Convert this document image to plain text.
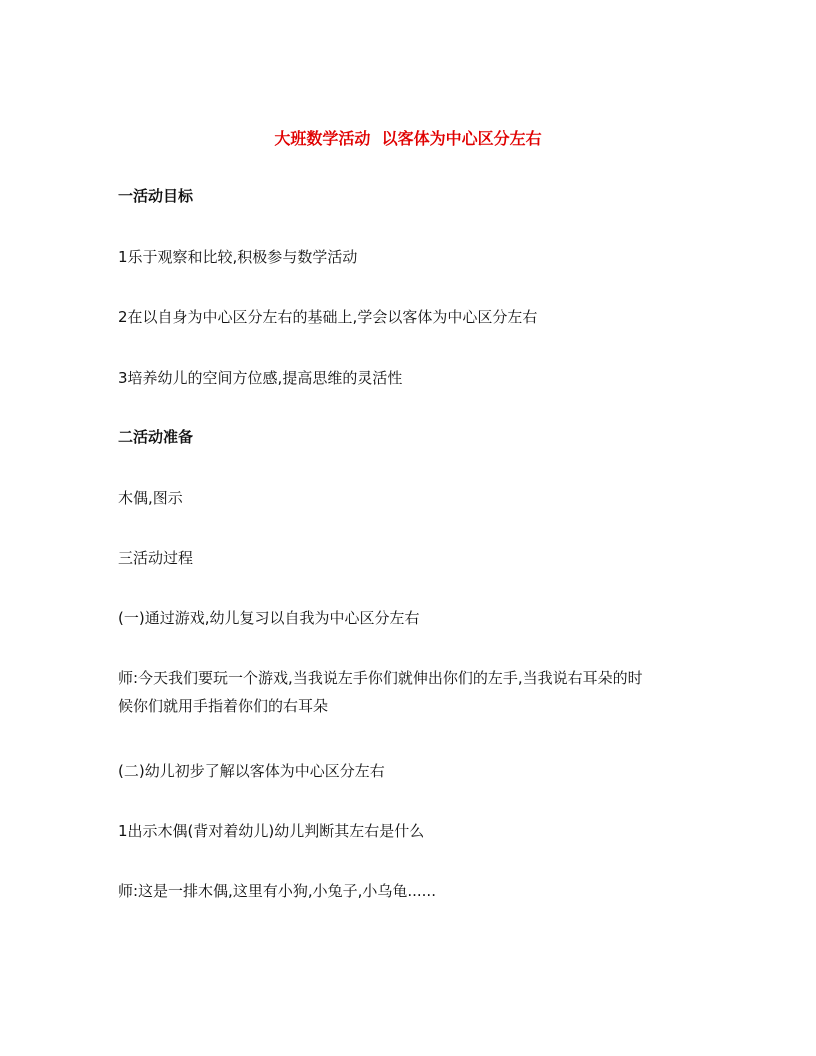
大班数学活动  以客体为中心区分左右
一活动目标
1乐于观察和比较,积极参与数学活动
2在以自身为中心区分左右的基础上,学会以客体为中心区分左右
3培养幼儿的空间方位感,提高思维的灵活性
二活动准备
木偶,图示
三活动过程
(一)通过游戏,幼儿复习以自我为中心区分左右
师:今天我们要玩一个游戏,当我说左手你们就伸出你们的左手,当我说右耳朵的时
候你们就用手指着你们的右耳朵
(二)幼儿初步了解以客体为中心区分左右
1出示木偶(背对着幼儿)幼儿判断其左右是什么
师:这是一排木偶,这里有小狗,小兔子,小乌龟......
